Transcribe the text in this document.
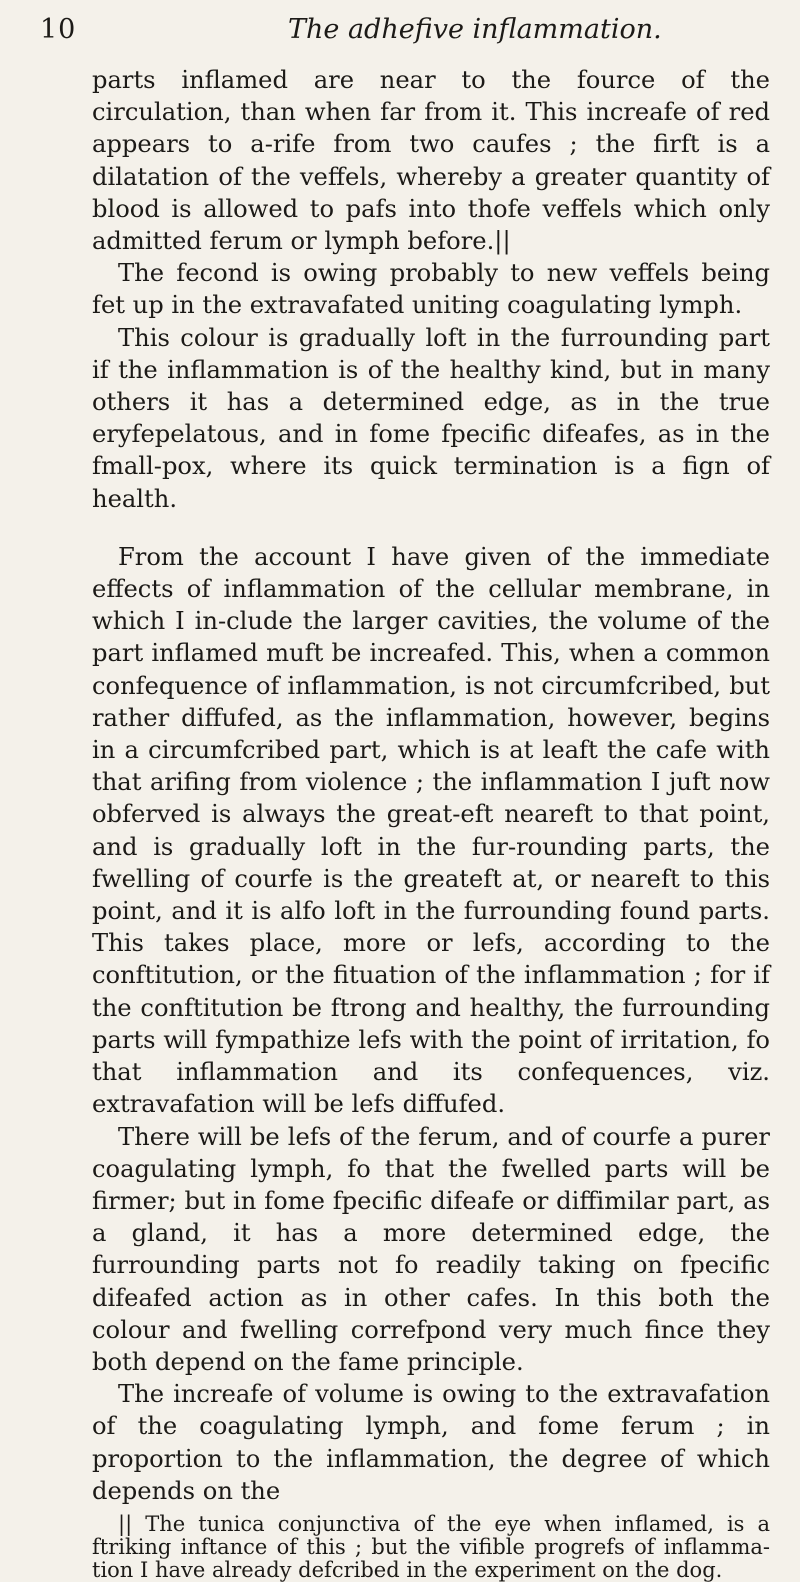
10	The adhefive inflammation.

parts inflamed are near to the fource of the circulation, than when far from it. This increafe of red appears to a-rife from two caufes ; the firft is a dilatation of the veffels, whereby a greater quantity of blood is allowed to pafs into thofe veffels which only admitted ferum or lymph before.||

The fecond is owing probably to new veffels being fet up in the extravafated uniting coagulating lymph.

This colour is gradually loft in the furrounding part if the inflammation is of the healthy kind, but in many others it has a determined edge, as in the true eryfepelatous, and in fome fpecific difeafes, as in the fmall-pox, where its quick termination is a fign of health.

From the account I have given of the immediate effects of inflammation of the cellular membrane, in which I in-clude the larger cavities, the volume of the part inflamed muft be increafed. This, when a common confequence of inflammation, is not circumfcribed, but rather diffufed, as the inflammation, however, begins in a circumfcribed part, which is at leaft the cafe with that arifing from violence ; the inflammation I juft now obferved is always the great-eft neareft to that point, and is gradually loft in the fur-rounding parts, the fwelling of courfe is the greateft at, or neareft to this point, and it is alfo loft in the furrounding found parts. This takes place, more or lefs, according to the conftitution, or the fituation of the inflammation ; for if the conftitution be ftrong and healthy, the furrounding parts will fympathize lefs with the point of irritation, fo that inflammation and its confequences, viz. extravafation will be lefs diffufed.

There will be lefs of the ferum, and of courfe a purer coagulating lymph, fo that the fwelled parts will be firmer; but in fome fpecific difeafe or diffimilar part, as a gland, it has a more determined edge, the furrounding parts not fo readily taking on fpecific difeafed action as in other cafes. In this both the colour and fwelling correfpond very much fince they both depend on the fame principle.

The increafe of volume is owing to the extravafation of the coagulating lymph, and fome ferum ; in proportion to the inflammation, the degree of which depends on the

|| The tunica conjunctiva of the eye when inflamed, is a ftriking inftance of this ; but the vifible progrefs of inflamma-tion I have already defcribed in the experiment on the dog.
